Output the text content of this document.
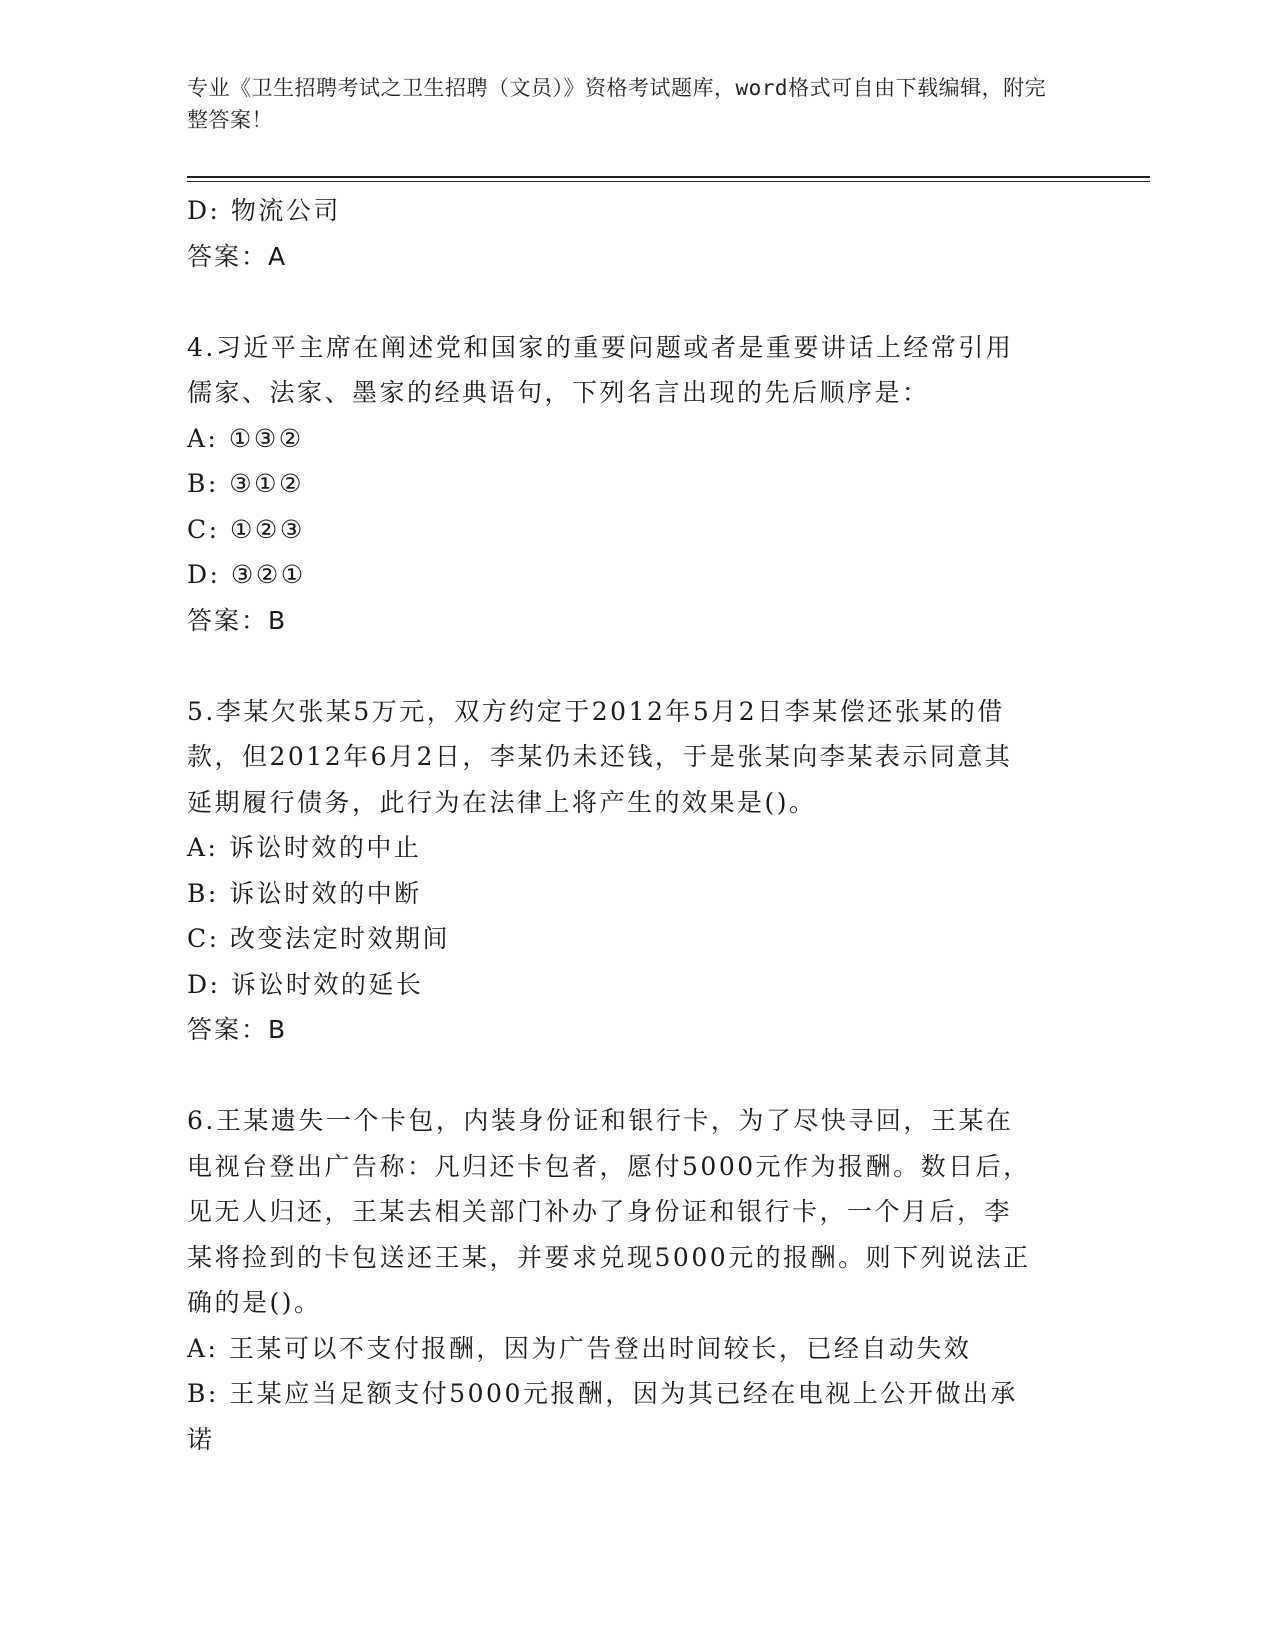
专业《卫生招聘考试之卫生招聘（文员）》资格考试题库，word格式可自由下载编辑，附完整答案！
D: 物流公司
答案：A
4.习近平主席在阐述党和国家的重要问题或者是重要讲话上经常引用
儒家、法家、墨家的经典语句，下列名言出现的先后顺序是：
A: ①③②
B: ③①②
C: ①②③
D: ③②①
答案：B
5.李某欠张某5万元，双方约定于2012年5月2日李某偿还张某的借
款，但2012年6月2日，李某仍未还钱，于是张某向李某表示同意其
延期履行债务，此行为在法律上将产生的效果是()。
A: 诉讼时效的中止
B: 诉讼时效的中断
C: 改变法定时效期间
D: 诉讼时效的延长
答案：B
6.王某遗失一个卡包，内装身份证和银行卡，为了尽快寻回，王某在
电视台登出广告称：凡归还卡包者，愿付5000元作为报酬。数日后，
见无人归还，王某去相关部门补办了身份证和银行卡，一个月后，李
某将捡到的卡包送还王某，并要求兑现5000元的报酬。则下列说法正
确的是()。
A: 王某可以不支付报酬，因为广告登出时间较长，已经自动失效
B: 王某应当足额支付5000元报酬，因为其已经在电视上公开做出承
诺
